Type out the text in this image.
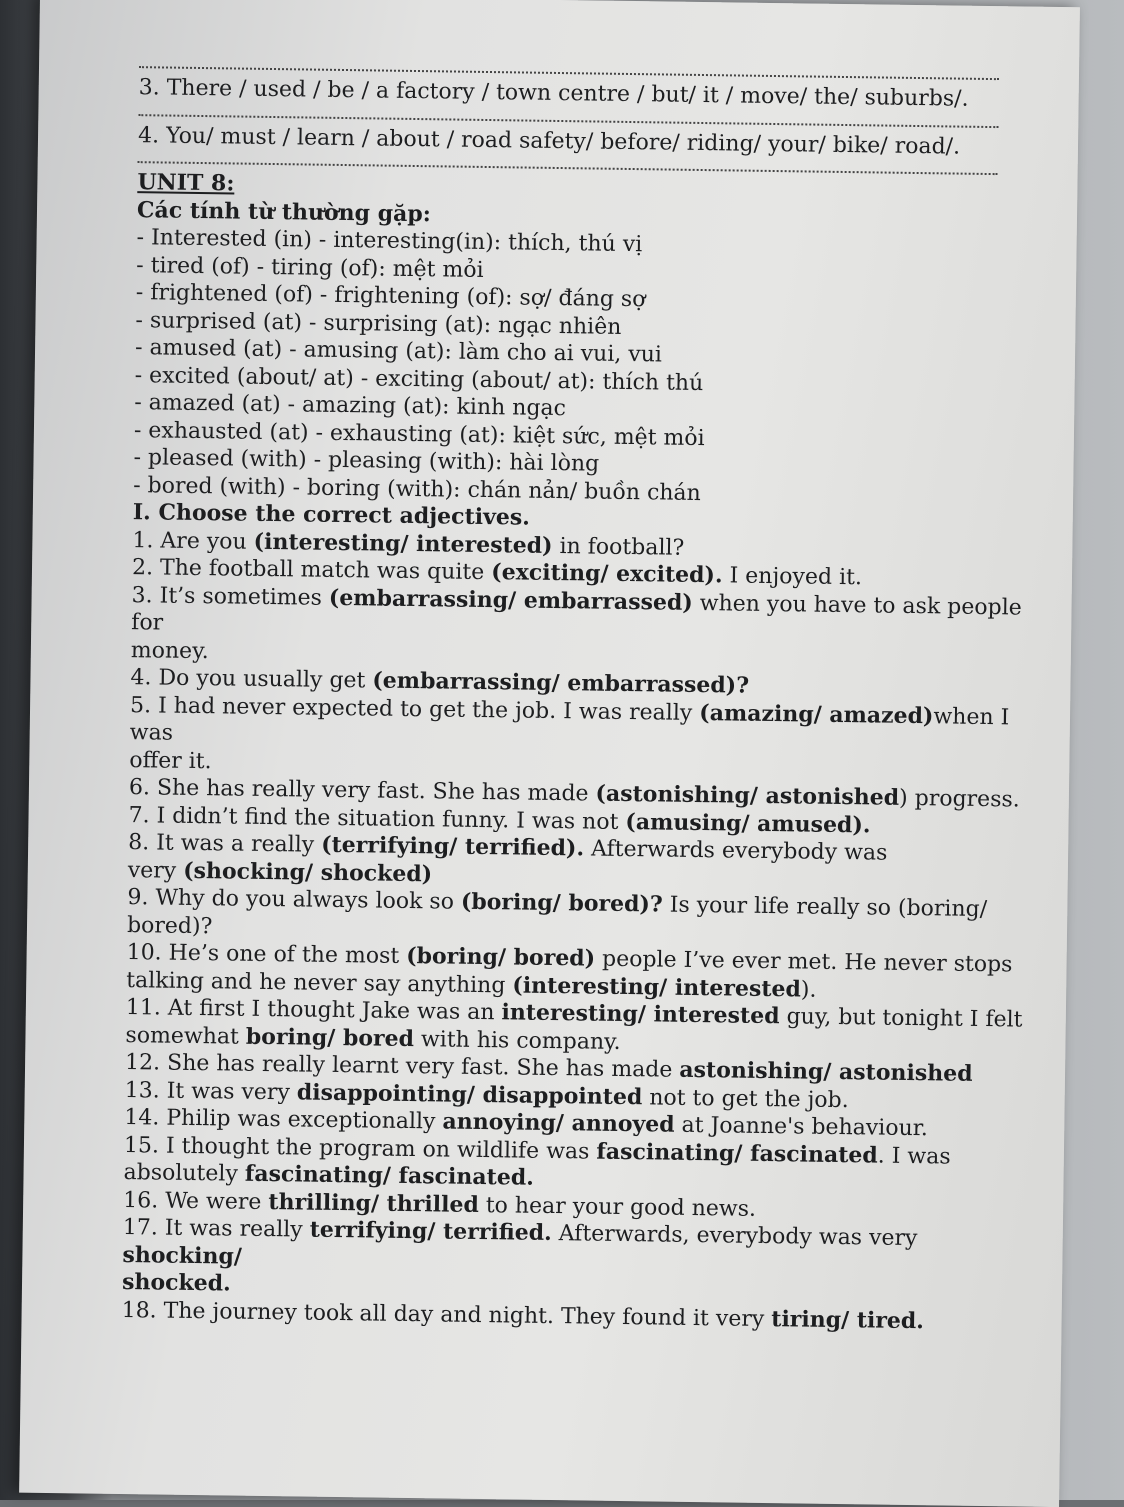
3. There / used / be / a factory / town centre / but/ it / move/ the/ suburbs/.
4. You/ must / learn / about / road safety/ before/ riding/ your/ bike/ road/.
UNIT 8:
Các tính từ thường gặp:
- Interested (in) - interesting(in): thích, thú vị
- tired (of) - tiring (of): mệt mỏi
- frightened (of) - frightening (of): sợ/ đáng sợ
- surprised (at) - surprising (at): ngạc nhiên
- amused (at) - amusing (at): làm cho ai vui, vui
- excited (about/ at) - exciting (about/ at): thích thú
- amazed (at) - amazing (at): kinh ngạc
- exhausted (at) - exhausting (at): kiệt sức, mệt mỏi
- pleased (with) - pleasing (with): hài lòng
- bored (with) - boring (with): chán nản/ buồn chán
I. Choose the correct adjectives.
1. Are you (interesting/ interested) in football?
2. The football match was quite (exciting/ excited). I enjoyed it.
3. It’s sometimes (embarrassing/ embarrassed) when you have to ask people for
money.
4. Do you usually get (embarrassing/ embarrassed)?
5. I had never expected to get the job. I was really (amazing/ amazed)when I was
offer it.
6. She has really very fast. She has made (astonishing/ astonished) progress.
7. I didn’t find the situation funny. I was not (amusing/ amused).
8. It was a really (terrifying/ terrified). Afterwards everybody was
very (shocking/ shocked)
9. Why do you always look so (boring/ bored)? Is your life really so (boring/
bored)?
10. He’s one of the most (boring/ bored) people I’ve ever met. He never stops
talking and he never say anything (interesting/ interested).
11. At first I thought Jake was an interesting/ interested guy, but tonight I felt
somewhat boring/ bored with his company.
12. She has really learnt very fast. She has made astonishing/ astonished
13. It was very disappointing/ disappointed not to get the job.
14. Philip was exceptionally annoying/ annoyed at Joanne's behaviour.
15. I thought the program on wildlife was fascinating/ fascinated. I was
absolutely fascinating/ fascinated.
16. We were thrilling/ thrilled to hear your good news.
17. It was really terrifying/ terrified. Afterwards, everybody was very shocking/
shocked.
18. The journey took all day and night. They found it very tiring/ tired.
